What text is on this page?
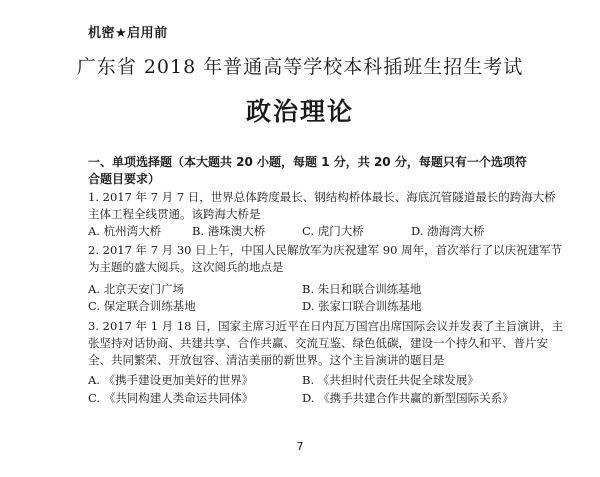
机密★启用前
广东省 2018 年普通高等学校本科插班生招生考试
政治理论
一、单项选择题（本大题共 20 小题，每题 1 分，共 20 分，每题只有一个选项符合题目要求）
1. 2017 年 7 月 7 日，世界总体跨度最长、钢结构桥体最长、海底沉管隧道最长的跨海大桥
主体工程全线贯通。该跨海大桥是
A. 杭州湾大桥	B. 港珠澳大桥	C. 虎门大桥	D. 渤海湾大桥
2. 2017 年 7 月 30 日上午，中国人民解放军为庆祝建军 90 周年，首次举行了以庆祝建军节
为主题的盛大阅兵。这次阅兵的地点是
A. 北京天安门广场	B. 朱日和联合训练基地
C. 保定联合训练基地	D. 张家口联合训练基地
3. 2017 年 1 月 18 日，国家主席习近平在日内瓦万国宫出席国际会议并发表了主旨演讲，主
张坚持对话协商、共建共享、合作共赢、交流互鉴、绿色低碳，建设一个持久和平、普片安
全、共同繁荣、开放包容、清洁美丽的新世界。这个主旨演讲的题目是
A. 《携手建设更加美好的世界》	B. 《共担时代责任共促全球发展》
C. 《共同构建人类命运共同体》	D. 《携手共建合作共赢的新型国际关系》
7
